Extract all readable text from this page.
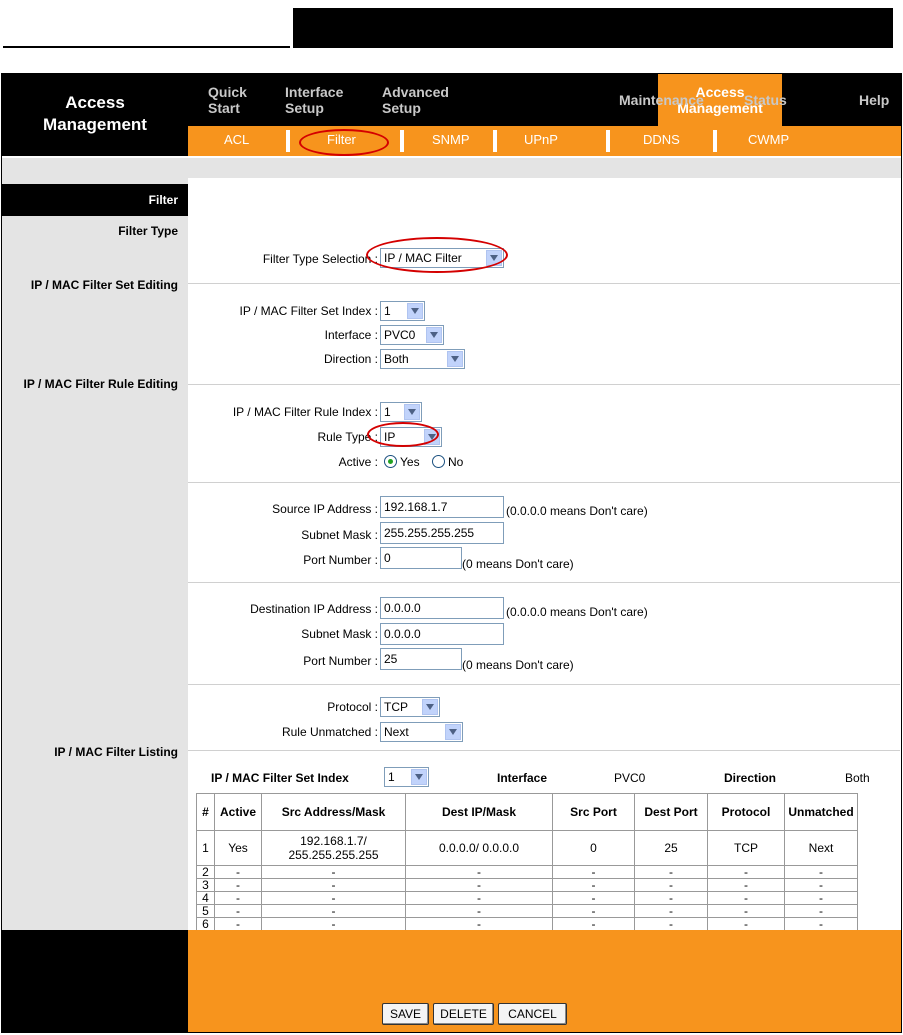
Access
Management
Quick
Start
Interface
Setup
Advanced
Setup
Access
Management
Maintenance	Status	Help
ACL	Filter	SNMP	UPnP	DDNS	CWMP
Filter
Filter Type
IP / MAC Filter Set Editing
IP / MAC Filter Rule Editing
IP / MAC Filter Listing
Filter Type Selection : IP / MAC Filter
IP / MAC Filter Set Index : 1
Interface : PVC0
Direction : Both
IP / MAC Filter Rule Index : 1
Rule Type : IP
Active : Yes No
Source IP Address : 192.168.1.7	(0.0.0.0 means Don't care)
Subnet Mask : 255.255.255.255
Port Number : 0	(0 means Don't care)
Destination IP Address : 0.0.0.0	(0.0.0.0 means Don't care)
Subnet Mask : 0.0.0.0
Port Number : 25	(0 means Don't care)
Protocol : TCP
Rule Unmatched : Next
IP / MAC Filter Set Index	1	Interface	PVC0	Direction	Both
#	Active	Src Address/Mask	Dest IP/Mask	Src Port	Dest Port	Protocol	Unmatched
1	Yes	192.168.1.7/ 255.255.255.255	0.0.0.0/ 0.0.0.0	0	25	TCP	Next
2	-	-	-	-	-	-	-
3	-	-	-	-	-	-	-
4	-	-	-	-	-	-	-
5	-	-	-	-	-	-	-
6	-	-	-	-	-	-	-
SAVE	DELETE	CANCEL
